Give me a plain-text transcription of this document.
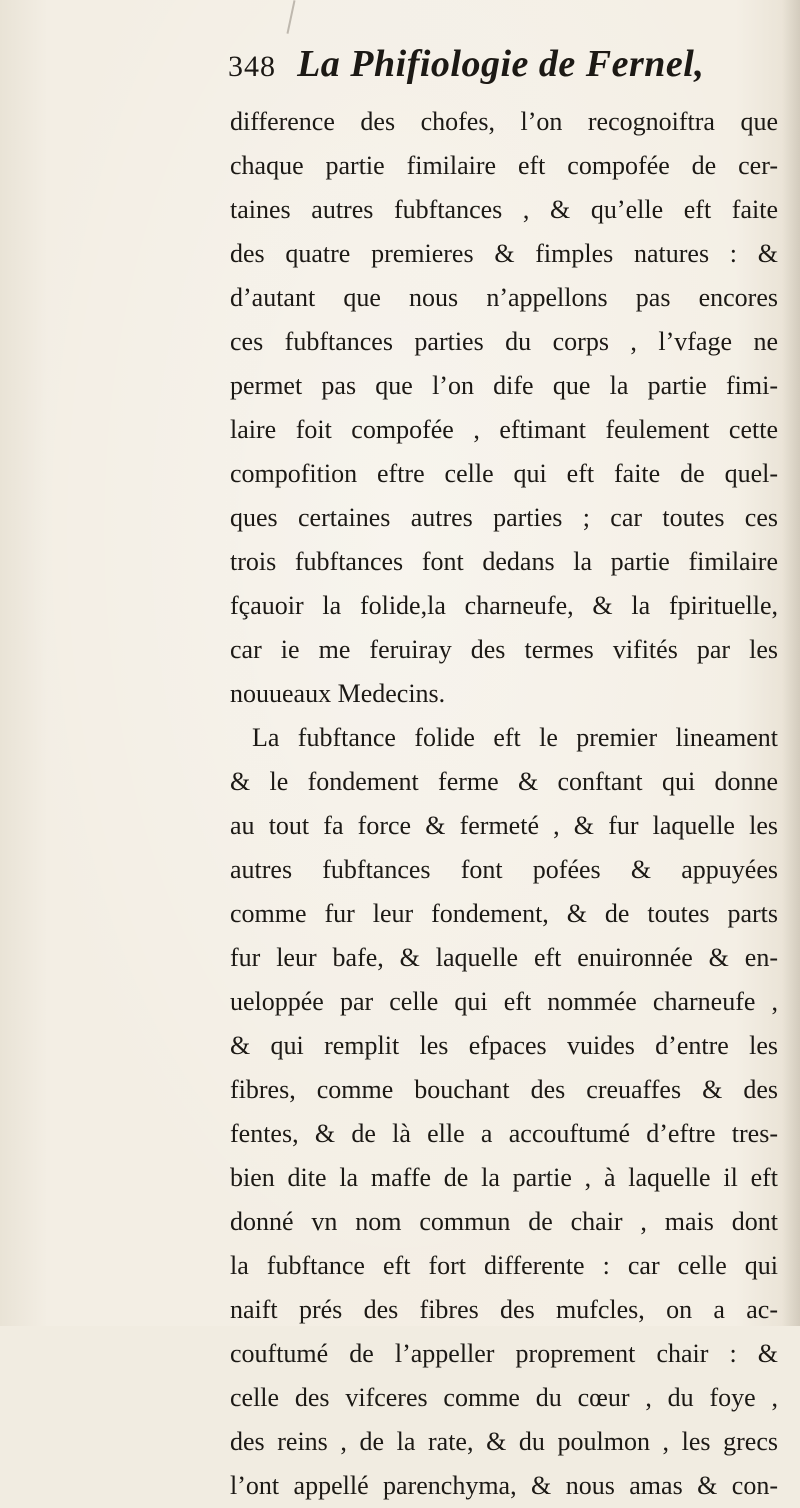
348 La Phifiologie de Fernel,
difference des chofes, l’on recognoiftra que
chaque partie fimilaire eft compofée de cer-
taines autres fubftances , & qu’elle eft faite
des quatre premieres & fimples natures : &
d’autant que nous n’appellons pas encores
ces fubftances parties du corps , l’vfage ne
permet pas que l’on dife que la partie fimi-
laire foit compofée , eftimant feulement cette
compofition eftre celle qui eft faite de quel-
ques certaines autres parties ; car toutes ces
trois fubftances font dedans la partie fimilaire
fçauoir la folide,la charneufe, & la fpirituelle,
car ie me feruiray des termes vifités par les
nouueaux Medecins.
La fubftance folide eft le premier lineament
& le fondement ferme & conftant qui donne
au tout fa force & fermeté , & fur laquelle les
autres fubftances font pofées & appuyées
comme fur leur fondement, & de toutes parts
fur leur bafe, & laquelle eft enuironnée & en-
ueloppée par celle qui eft nommée charneufe ,
& qui remplit les efpaces vuides d’entre les
fibres, comme bouchant des creuaffes & des
fentes, & de là elle a accouftumé d’eftre tres-
bien dite la maffe de la partie , à laquelle il eft
donné vn nom commun de chair , mais dont
la fubftance eft fort differente : car celle qui
naift prés des fibres des mufcles, on a ac-
couftumé de l’appeller proprement chair : &
celle des vifceres comme du cœur , du foye ,
des reins , de la rate, & du poulmon , les grecs
l’ont appellé parenchyma, & nous amas & con-
